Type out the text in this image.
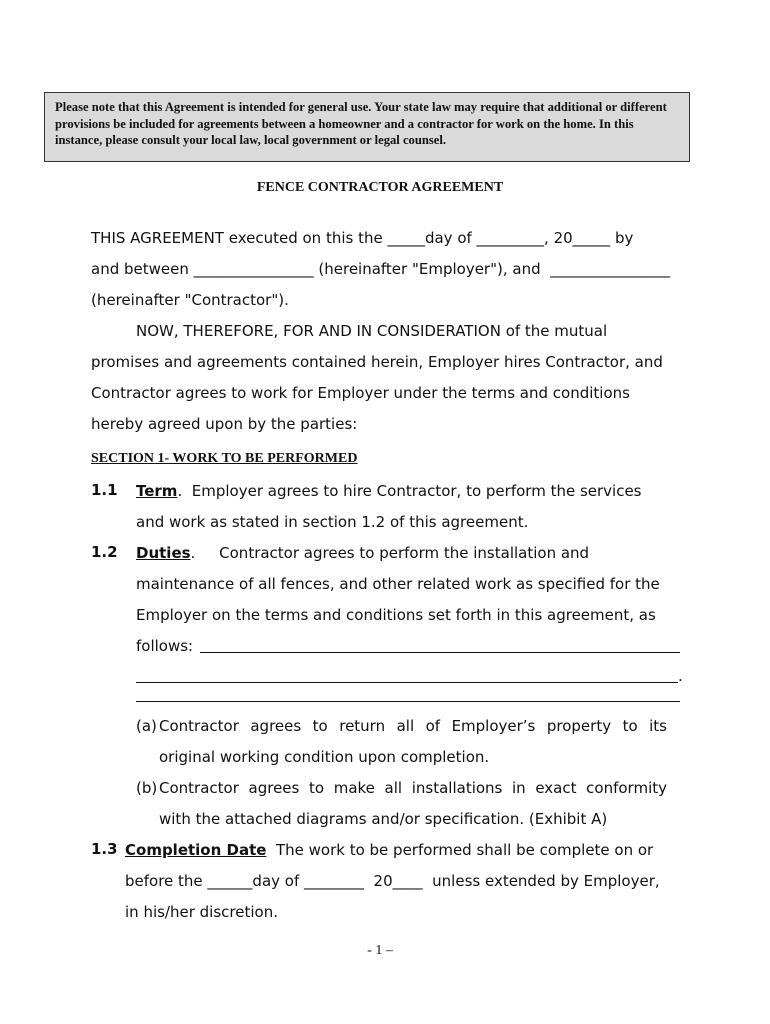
Please note that this Agreement is intended for general use. Your state law may require that additional or different provisions be included for agreements between a homeowner and a contractor for work on the home. In this instance, please consult your local law, local government or legal counsel.
FENCE CONTRACTOR AGREEMENT
THIS AGREEMENT executed on this the _____day of _________, 20_____ by
and between ________________ (hereinafter "Employer"), and  ________________
(hereinafter "Contractor").
NOW, THEREFORE, FOR AND IN CONSIDERATION of the mutual
promises and agreements contained herein, Employer hires Contractor, and
Contractor agrees to work for Employer under the terms and conditions
hereby agreed upon by the parties:
SECTION 1- WORK TO BE PERFORMED
1.1 Term.  Employer agrees to hire Contractor, to perform the services
and work as stated in section 1.2 of this agreement.
1.2 Duties.     Contractor agrees to perform the installation and
maintenance of all fences, and other related work as specified for the
Employer on the terms and conditions set forth in this agreement, as
follows:
.
(a) Contractor agrees to return all of Employer’s property to its
original working condition upon completion.
(b) Contractor agrees to make all installations in exact conformity
with the attached diagrams and/or specification. (Exhibit A)
1.3 Completion Date  The work to be performed shall be complete on or
before the ______day of ________  20____  unless extended by Employer,
in his/her discretion.
- 1 –
